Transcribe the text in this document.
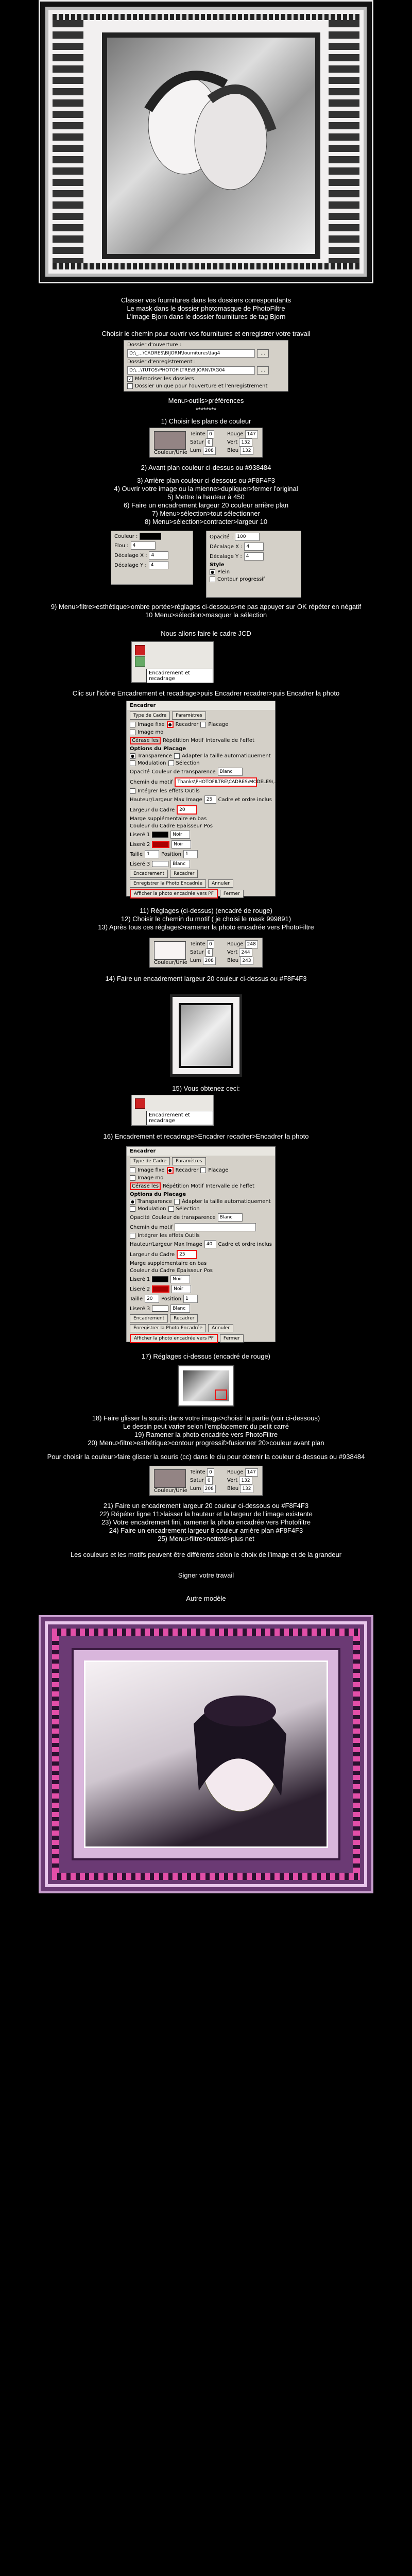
Classer vos fournitures dans les dossiers correspondants
Le mask dans le dossier photomasque de PhotoFiltre
L'image Bjorn dans le dossier fournitures de tag Bjorn
Choisir le chemin pour ouvrir vos fournitures et enregistrer votre travail
Dossier d'ouverture :
D:\_...\CADRES\BIJORN\fournitures\tag4	…
Dossier d'enregistrement :
D:\...\TUTOS\PHOTOFILTRE\BIJORN\TAG04	…
✓ Mémoriser les dossiers
Dossier unique pour l'ouverture et l'enregistrement
Menu>outils>préférences
********
1) Choisir les plans de couleur
Teinte 0
Satur 0
Lum 208
Rouge 147
Vert 132
Bleu 132
Couleur/Unie
2) Avant plan couleur ci-dessus ou #938484
3) Arrière plan couleur ci-dessous ou #F8F4F3
4) Ouvrir votre image ou la mienne>dupliquer>fermer l'original
5) Mettre la hauteur à 450
6) Faire un encadrement largeur 20 couleur arrière plan
7) Menu>sélection>tout sélectionner
8) Menu>sélection>contracter>largeur 10
Couleur :
Flou : 4
Décalage X : 4
Décalage Y : 4
Opacité : 100
Décalage X : 4
Décalage Y : 4
Style
● Plein
Contour progressif
9) Menu>filtre>esthétique>ombre portée>réglages ci-dessous>ne pas appuyer sur OK répéter en négatif
10 Menu>sélection>masquer la sélection
Nous allons faire le cadre JCD
Encadrement et recadrage
Clic sur l'icône Encadrement et recadrage>puis Encadrer recadrer>puis Encadrer la photo
Encadrer
Type de Cadre	Paramètres
Image fixe ● Recadrer Placage
Image mo
Cérase les Répétition Motif Intervalle de l'effet
Options du Placage
● Transparence Adapter la taille automatiquement
Modulation Sélection
Opacité Couleur de transparence Blanc
Chemin du motif	Thanks\PHOTOFILTRE\CADRES\MODELE9\...
Intégrer les effets Outils
Hauteur/Largeur Max Image 25	Cadre et ordre inclus
Largeur du Cadre	20
Marge supplémentaire en bas
Couleur du Cadre Epaisseur Pos
Liseré 1	Noir
Liseré 2	Noir
Taille 1	Position 1
Liseré 3	Blanc
Encadrement	Recadrer
Enregistrer la Photo Encadrée	Annuler
Afficher la photo encadrée vers PF	Fermer
11) Réglages (ci-dessus) (encadré de rouge)
12) Choisir le chemin du motif ( je choisi le mask 999891)
13) Après tous ces réglages>ramener la photo encadrée vers PhotoFiltre
Teinte 0
Satur 0
Lum 208
Rouge 248
Vert 244
Bleu 243
Couleur/Unie
14) Faire un encadrement largeur 20 couleur ci-dessus ou #F8F4F3
15) Vous obtenez ceci:
Encadrement et recadrage
16) Encadrement et recadrage>Encadrer recadrer>Encadrer la photo
Encadrer
Type de Cadre	Paramètres
Image fixe ● Recadrer Placage
Image mo
Cérase les Répétition Motif Intervalle de l'effet
Options du Placage
● Transparence Adapter la taille automatiquement
Modulation Sélection
Opacité Couleur de transparence Blanc
Chemin du motif
Intégrer les effets Outils
Hauteur/Largeur Max Image 40	Cadre et ordre inclus
Largeur du Cadre	25
Marge supplémentaire en bas
Couleur du Cadre Epaisseur Pos
Liseré 1	Noir
Liseré 2	Noir
Taille 20	Position 1
Liseré 3	Blanc
Encadrement	Recadrer
Enregistrer la Photo Encadrée	Annuler
Afficher la photo encadrée vers PF	Fermer
17) Réglages ci-dessus (encadré de rouge)
18) Faire glisser la souris dans votre image>choisir la partie (voir ci-dessous)
Le dessin peut varier selon l'emplacement du petit carré
19) Ramener la photo encadrée vers PhotoFiltre
20) Menu>filtre>esthétique>contour progressif>fusionner 20>couleur avant plan
Pour choisir la couleur>faire glisser la souris (cc) dans le ciu pour obtenir la couleur ci-dessous ou #938484
Teinte 0
Satur 0
Lum 208
Rouge 147
Vert 132
Bleu 132
Couleur/Unie
21) Faire un encadrement largeur 20 couleur ci-dessous ou #F8F4F3
22) Répéter ligne 11>laisser la hauteur et la largeur de l'image existante
23) Votre encadrement fini, ramener la photo encadrée vers Photofiltre
24) Faire un encadrement largeur 8 couleur arrière plan #F8F4F3
25) Menu>filtre>netteté>plus net
Les couleurs et les motifs peuvent être différents selon le choix de l'image et de la grandeur
Signer votre travail
Autre modèle
